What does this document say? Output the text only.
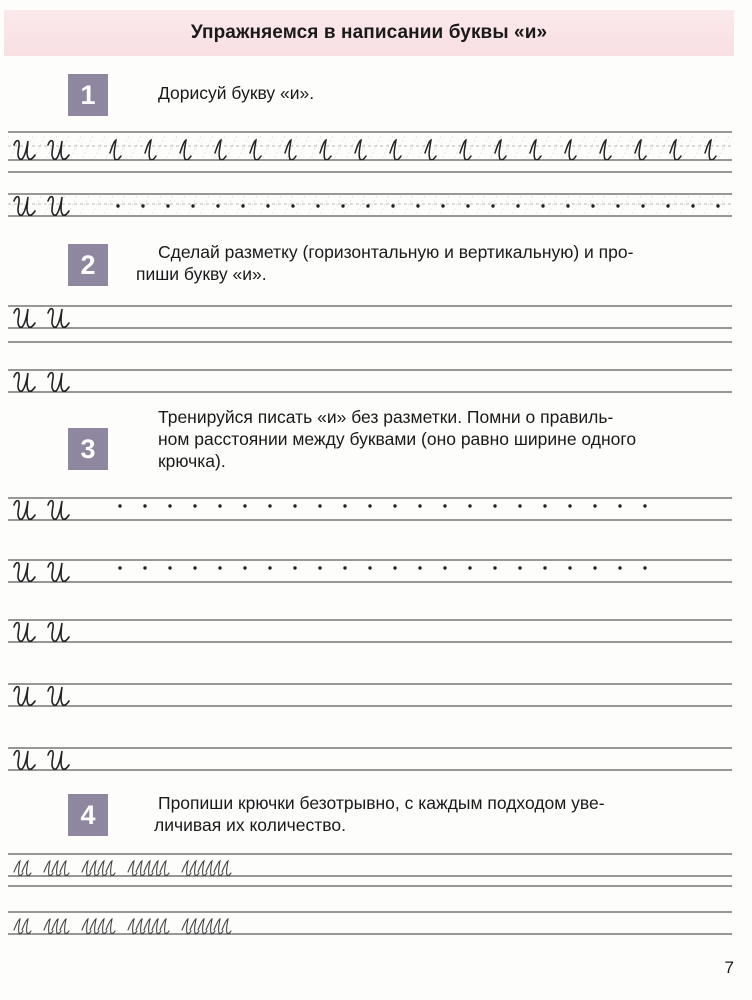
Упражняемся в написании буквы «и»
1	Дорисуй букву «и».

2	Сделай разметку (горизонтальную и вертикальную) и про-

пиши букву «и».

3

Тренируйся писать «и» без разметки. Помни о правиль-

ном расстоянии между буквами (оно равно ширине одного

крючка).

4	Пропиши крючки безотрывно, с каждым подходом уве-

личивая их количество.

7
